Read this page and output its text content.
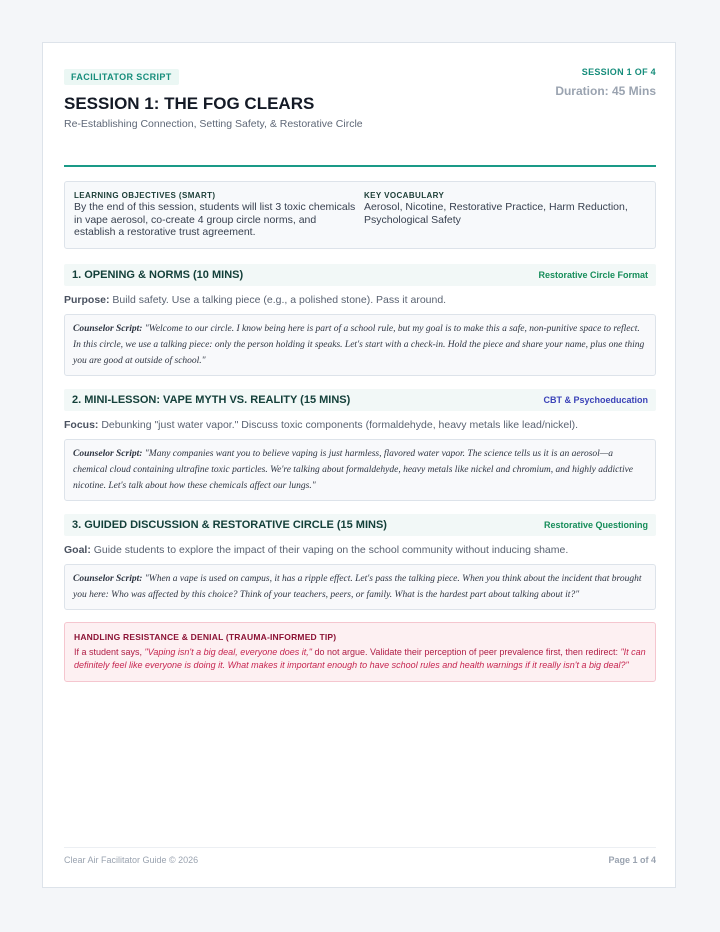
FACILITATOR SCRIPT	SESSION 1 OF 4
Duration: 45 Mins
SESSION 1: THE FOG CLEARS
Re-Establishing Connection, Setting Safety, & Restorative Circle
LEARNING OBJECTIVES (SMART)
By the end of this session, students will list 3 toxic chemicals in vape aerosol, co-create 4 group circle norms, and establish a restorative trust agreement.
KEY VOCABULARY
Aerosol, Nicotine, Restorative Practice, Harm Reduction, Psychological Safety
1. OPENING & NORMS (10 MINS)	Restorative Circle Format
Purpose: Build safety. Use a talking piece (e.g., a polished stone). Pass it around.
Counselor Script: "Welcome to our circle. I know being here is part of a school rule, but my goal is to make this a safe, non-punitive space to reflect. In this circle, we use a talking piece: only the person holding it speaks. Let's start with a check-in. Hold the piece and share your name, plus one thing you are good at outside of school."
2. MINI-LESSON: VAPE MYTH VS. REALITY (15 MINS)	CBT & Psychoeducation
Focus: Debunking "just water vapor." Discuss toxic components (formaldehyde, heavy metals like lead/nickel).
Counselor Script: "Many companies want you to believe vaping is just harmless, flavored water vapor. The science tells us it is an aerosol—a chemical cloud containing ultrafine toxic particles. We're talking about formaldehyde, heavy metals like nickel and chromium, and highly addictive nicotine. Let's talk about how these chemicals affect our lungs."
3. GUIDED DISCUSSION & RESTORATIVE CIRCLE (15 MINS)	Restorative Questioning
Goal: Guide students to explore the impact of their vaping on the school community without inducing shame.
Counselor Script: "When a vape is used on campus, it has a ripple effect. Let's pass the talking piece. When you think about the incident that brought you here: Who was affected by this choice? Think of your teachers, peers, or family. What is the hardest part about talking about it?"
HANDLING RESISTANCE & DENIAL (TRAUMA-INFORMED TIP)
If a student says, "Vaping isn't a big deal, everyone does it," do not argue. Validate their perception of peer prevalence first, then redirect: "It can definitely feel like everyone is doing it. What makes it important enough to have school rules and health warnings if it really isn't a big deal?"
Clear Air Facilitator Guide © 2026	Page 1 of 4
